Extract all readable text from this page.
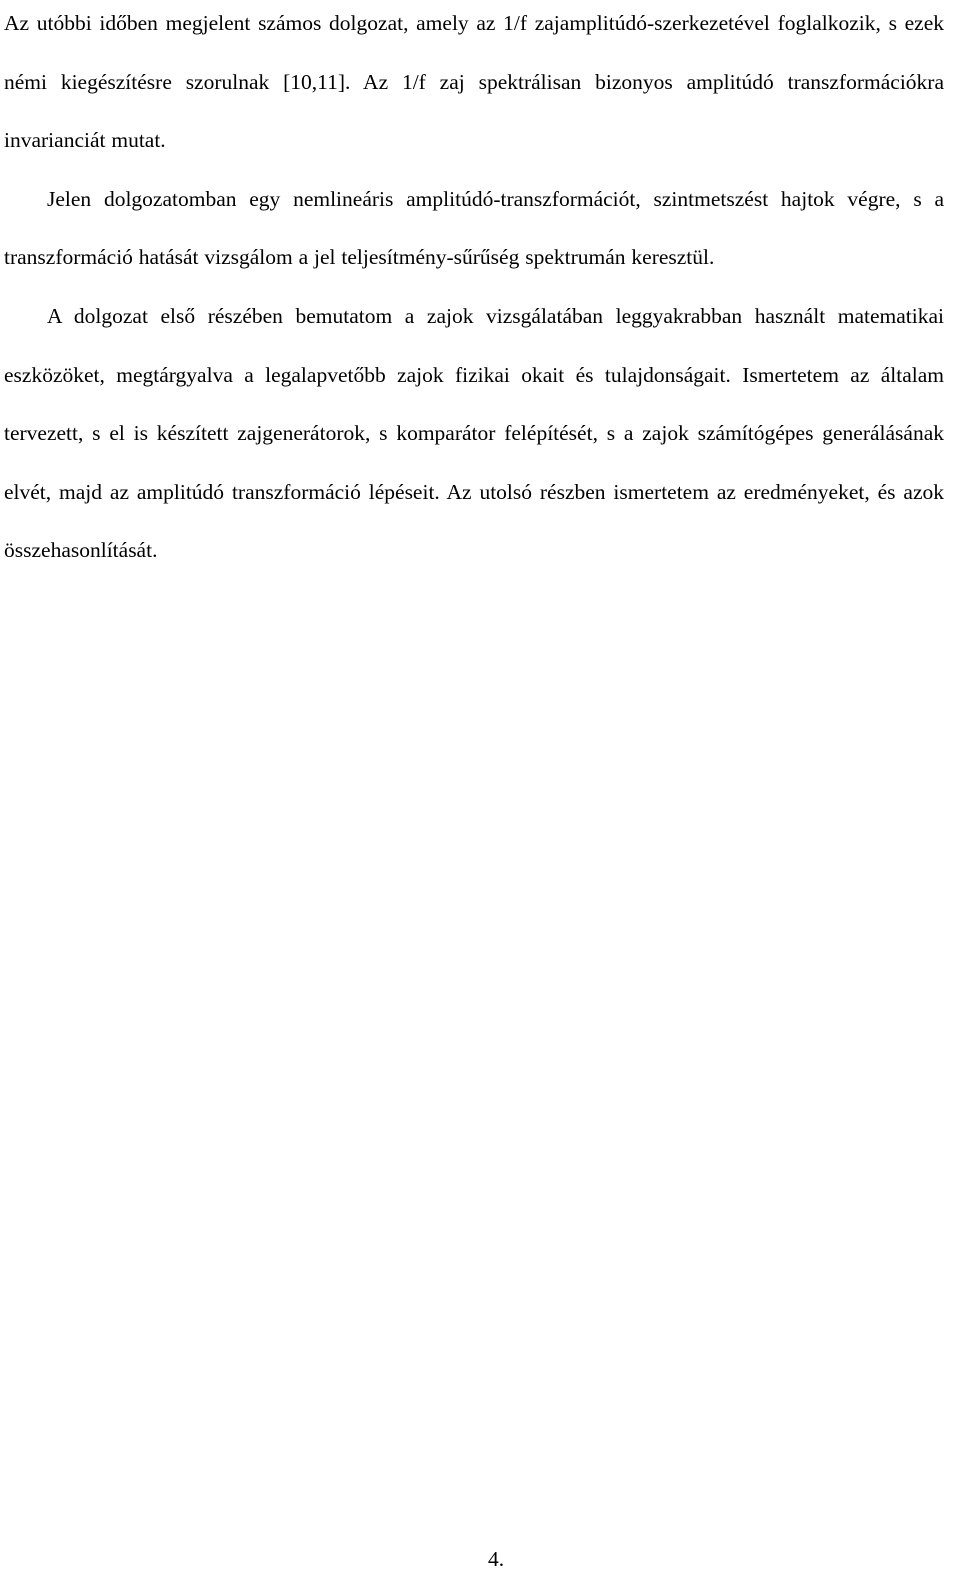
Az utóbbi időben megjelent számos dolgozat, amely az 1/f zajamplitúdó-szerkezetével foglalkozik, s ezek némi kiegészítésre szorulnak [10,11]. Az 1/f zaj spektrálisan bizonyos amplitúdó transzformációkra invarianciát mutat.

Jelen dolgozatomban egy nemlineáris amplitúdó-transzformációt, szintmetszést hajtok végre, s a transzformáció hatását vizsgálom a jel teljesítmény-sűrűség spektrumán keresztül.

A dolgozat első részében bemutatom a zajok vizsgálatában leggyakrabban használt matematikai eszközöket, megtárgyalva a legalapvetőbb zajok fizikai okait és tulajdonságait. Ismertetem az általam tervezett, s el is készített zajgenerátorok, s komparátor felépítését, s a zajok számítógépes generálásának elvét, majd az amplitúdó transzformáció lépéseit. Az utolsó részben ismertetem az eredményeket, és azok összehasonlítását.

4.
